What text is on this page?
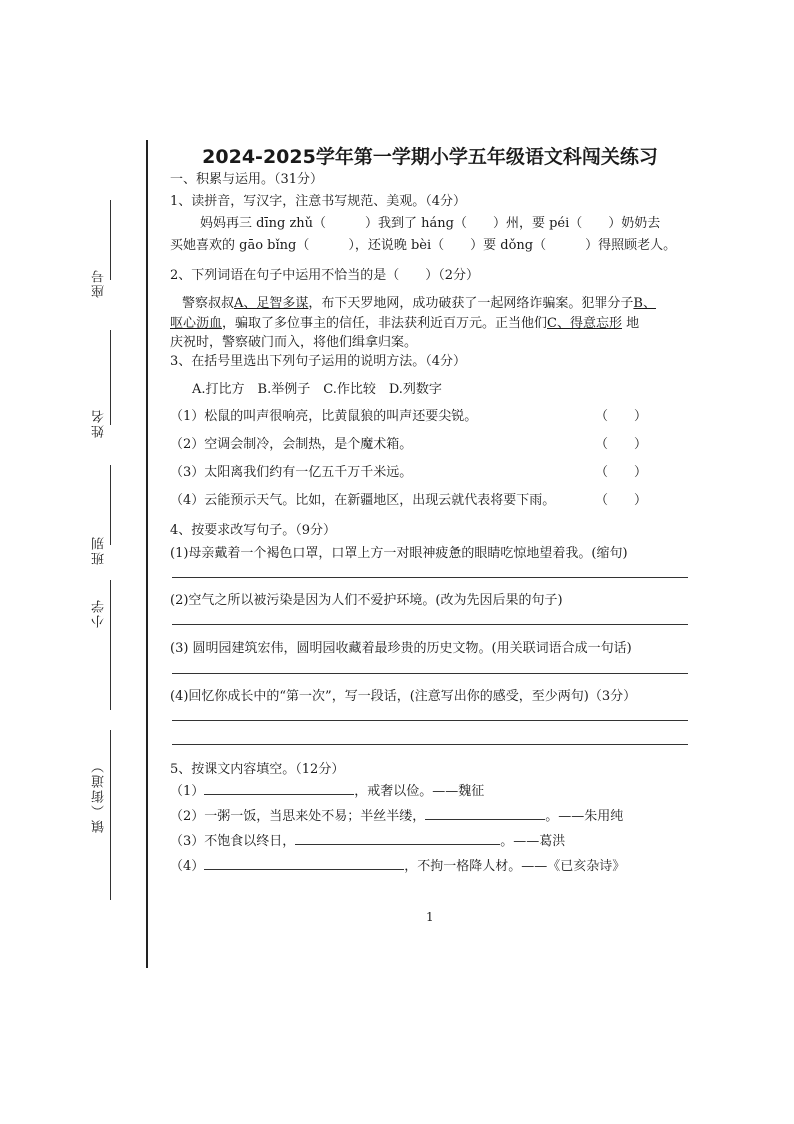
座号
姓名
班别
小学
镇（街道）
2024-2025学年第一学期小学五年级语文科闯关练习
一、积累与运用。（31分）
1、读拼音，写汉字，注意书写规范、美观。（4分）
妈妈再三 dīng zhǔ（　　　）我到了 háng（　　）州，要 péi（　　）奶奶去
买她喜欢的 gāo bǐng（　　　），还说晚 bèi（　　）要 dǒng（　　　）得照顾老人。
2、下列词语在句子中运用不恰当的是（　　）（2分）
警察叔叔A、足智多谋，布下天罗地网，成功破获了一起网络诈骗案。犯罪分子B、
呕心沥血，骗取了多位事主的信任，非法获利近百万元。正当他们C、得意忘形 地
庆祝时，警察破门而入，将他们缉拿归案。
3、在括号里选出下列句子运用的说明方法。（4分）
A.打比方　B.举例子　C.作比较　D.列数字
（1）松鼠的叫声很响亮，比黄鼠狼的叫声还要尖锐。	（　　）
（2）空调会制冷，会制热，是个魔术箱。	（　　）
（3）太阳离我们约有一亿五千万千米远。	（　　）
（4）云能预示天气。比如，在新疆地区，出现云就代表将要下雨。	（　　）
4、按要求改写句子。（9分）
(1)母亲戴着一个褐色口罩，口罩上方一对眼神疲惫的眼睛吃惊地望着我。(缩句)
(2)空气之所以被污染是因为人们不爱护环境。(改为先因后果的句子)
(3) 圆明园建筑宏伟，圆明园收藏着最珍贵的历史文物。(用关联词语合成一句话)
(4)回忆你成长中的“第一次”，写一段话，(注意写出你的感受，至少两句)（3分）
5、按课文内容填空。（12分）
（1）	，戒奢以俭。——魏征
（2）一粥一饭，当思来处不易；半丝半缕，	。——朱用纯
（3）不饱食以终日，	。——葛洪
（4）	，不拘一格降人材。——《已亥杂诗》
1
